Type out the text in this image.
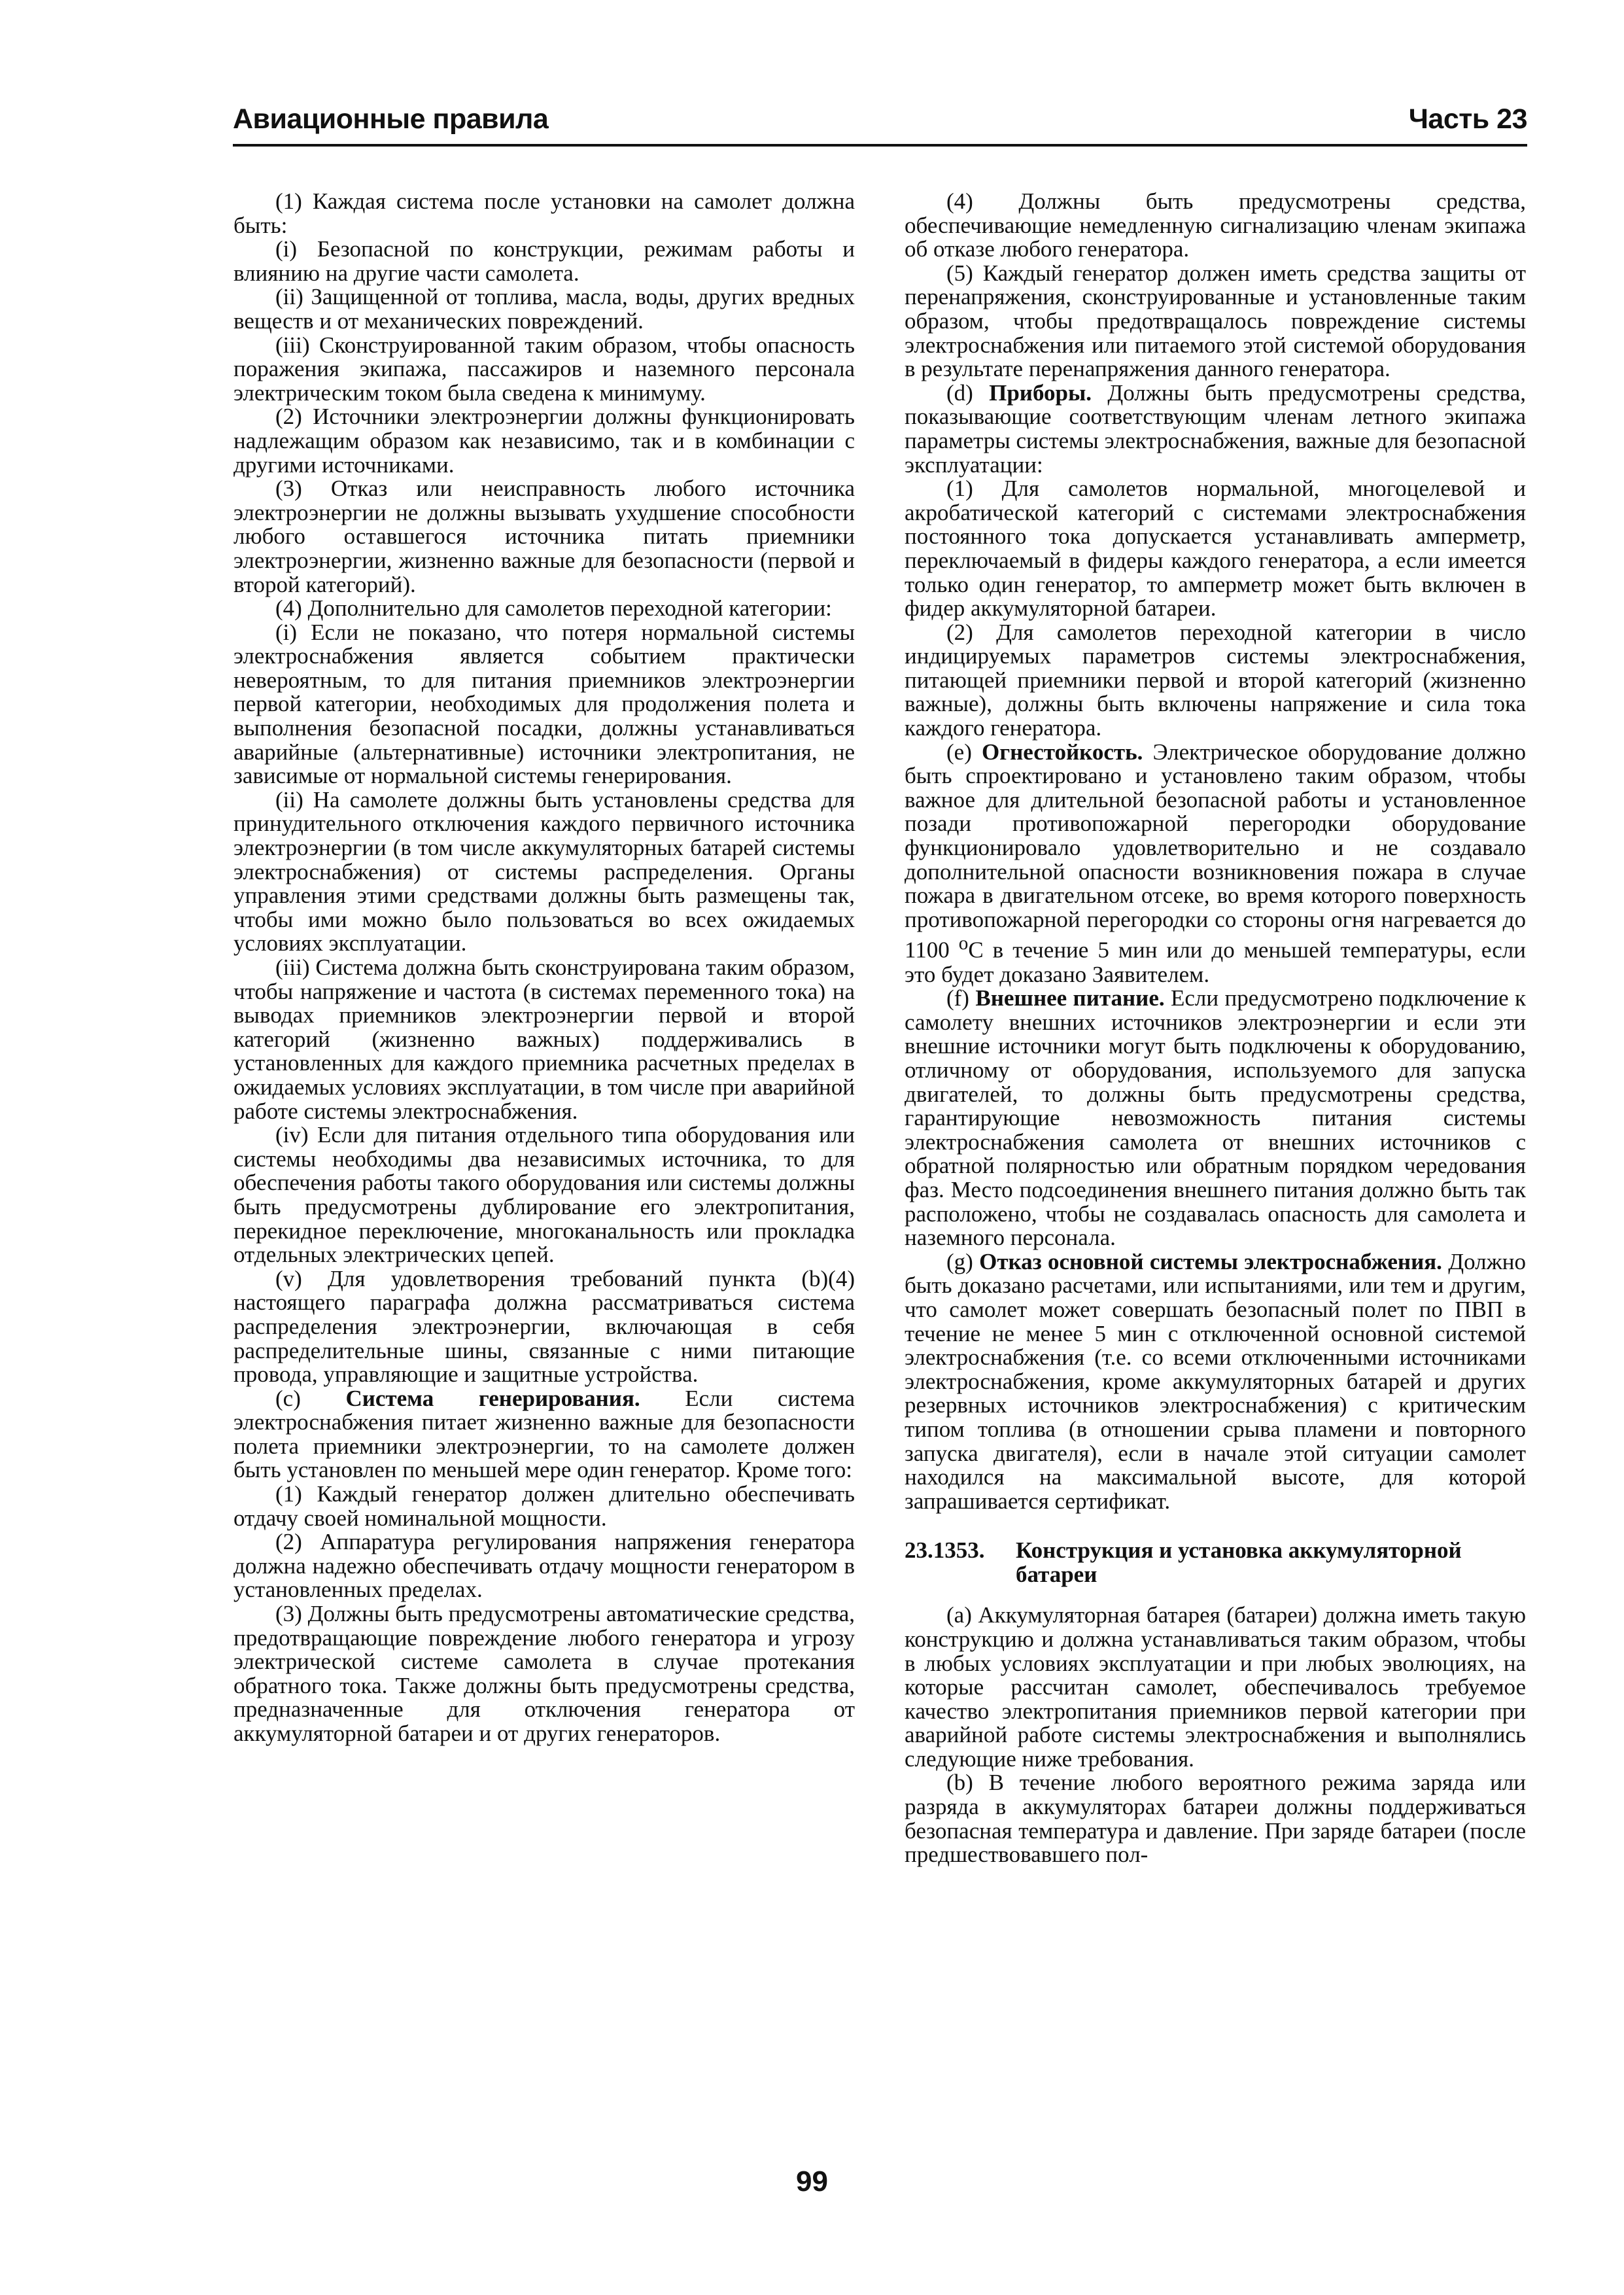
Авиационные правила	Часть 23

(1) Каждая система после установки на самолет должна быть:

(i) Безопасной по конструкции, режимам работы и влиянию на другие части самолета.

(ii) Защищенной от топлива, масла, воды, других вредных веществ и от механических повреждений.

(iii) Сконструированной таким образом, чтобы опасность поражения экипажа, пассажиров и наземного персонала электрическим током была сведена к минимуму.

(2) Источники электроэнергии должны функционировать надлежащим образом как независимо, так и в комбинации с другими источниками.

(3) Отказ или неисправность любого источника электроэнергии не должны вызывать ухудшение способности любого оставшегося источника питать приемники электроэнергии, жизненно важные для безопасности (первой и второй категорий).

(4) Дополнительно для самолетов переходной категории:

(i) Если не показано, что потеря нормальной системы электроснабжения является событием практически невероятным, то для питания приемников электроэнергии первой категории, необходимых для продолжения полета и выполнения безопасной посадки, должны устанавливаться аварийные (альтернативные) источники электропитания, не зависимые от нормальной системы генерирования.

(ii) На самолете должны быть установлены средства для принудительного отключения каждого первичного источника электроэнергии (в том числе аккумуляторных батарей системы электроснабжения) от системы распределения. Органы управления этими средствами должны быть размещены так, чтобы ими можно было пользоваться во всех ожидаемых условиях эксплуатации.

(iii) Система должна быть сконструирована таким образом, чтобы напряжение и частота (в системах переменного тока) на выводах приемников электроэнергии первой и второй категорий (жизненно важных) поддерживались в установленных для каждого приемника расчетных пределах в ожидаемых условиях эксплуатации, в том числе при аварийной работе системы электроснабжения.

(iv) Если для питания отдельного типа оборудования или системы необходимы два независимых источника, то для обеспечения работы такого оборудования или системы должны быть предусмотрены дублирование его электропитания, перекидное переключение, многоканальность или прокладка отдельных электрических цепей.

(v) Для удовлетворения требований пункта (b)(4) настоящего параграфа должна рассматриваться система распределения электроэнергии, включающая в себя распределительные шины, связанные с ними питающие провода, управляющие и защитные устройства.

(c) Система генерирования. Если система электроснабжения питает жизненно важные для безопасности полета приемники электроэнергии, то на самолете должен быть установлен по меньшей мере один генератор. Кроме того:

(1) Каждый генератор должен длительно обеспечивать отдачу своей номинальной мощности.

(2) Аппаратура регулирования напряжения генератора должна надежно обеспечивать отдачу мощности генератором в установленных пределах.

(3) Должны быть предусмотрены автоматические средства, предотвращающие повреждение любого генератора и угрозу электрической системе самолета в случае протекания обратного тока. Также должны быть предусмотрены средства, предназначенные для отключения генератора от аккумуляторной батареи и от других генераторов.

(4) Должны быть предусмотрены средства, обеспечивающие немедленную сигнализацию членам экипажа об отказе любого генератора.

(5) Каждый генератор должен иметь средства защиты от перенапряжения, сконструированные и установленные таким образом, чтобы предотвращалось повреждение системы электроснабжения или питаемого этой системой оборудования в результате перенапряжения данного генератора.

(d) Приборы. Должны быть предусмотрены средства, показывающие соответствующим членам летного экипажа параметры системы электроснабжения, важные для безопасной эксплуатации:

(1) Для самолетов нормальной, многоцелевой и акробатической категорий с системами электроснабжения постоянного тока допускается устанавливать амперметр, переключаемый в фидеры каждого генератора, а если имеется только один генератор, то амперметр может быть включен в фидер аккумуляторной батареи.

(2) Для самолетов переходной категории в число индицируемых параметров системы электроснабжения, питающей приемники первой и второй категорий (жизненно важные), должны быть включены напряжение и сила тока каждого генератора.

(e) Огнестойкость. Электрическое оборудование должно быть спроектировано и установлено таким образом, чтобы важное для длительной безопасной работы и установленное позади противопожарной перегородки оборудование функционировало удовлетворительно и не создавало дополнительной опасности возникновения пожара в случае пожара в двигательном отсеке, во время которого поверхность противопожарной перегородки со стороны огня нагревается до 1100 $^о$С в течение 5 мин или до меньшей температуры, если это будет доказано Заявителем.

(f) Внешнее питание. Если предусмотрено подключение к самолету внешних источников электроэнергии и если эти внешние источники могут быть подключены к оборудованию, отличному от оборудования, используемого для запуска двигателей, то должны быть предусмотрены средства, гарантирующие невозможность питания системы электроснабжения самолета от внешних источников с обратной полярностью или обратным порядком чередования фаз. Место подсоединения внешнего питания должно быть так расположено, чтобы не создавалась опасность для самолета и наземного персонала.

(g) Отказ основной системы электроснабжения. Должно быть доказано расчетами, или испытаниями, или тем и другим, что самолет может совершать безопасный полет по ПВП в течение не менее 5 мин с отключенной основной системой электроснабжения (т.е. со всеми отключенными источниками электроснабжения, кроме аккумуляторных батарей и других резервных источников электроснабжения) с критическим типом топлива (в отношении срыва пламени и повторного запуска двигателя), если в начале этой ситуации самолет находился на максимальной высоте, для которой запрашивается сертификат.

23.1353.	Конструкция и установка аккумуляторной батареи

(a) Аккумуляторная батарея (батареи) должна иметь такую конструкцию и должна устанавливаться таким образом, чтобы в любых условиях эксплуатации и при любых эволюциях, на которые рассчитан самолет, обеспечивалось требуемое качество электропитания приемников первой категории при аварийной работе системы электроснабжения и выполнялись следующие ниже требования.

(b) В течение любого вероятного режима заряда или разряда в аккумуляторах батареи должны поддерживаться безопасная температура и давление. При заряде батареи (после предшествовавшего пол-

99
